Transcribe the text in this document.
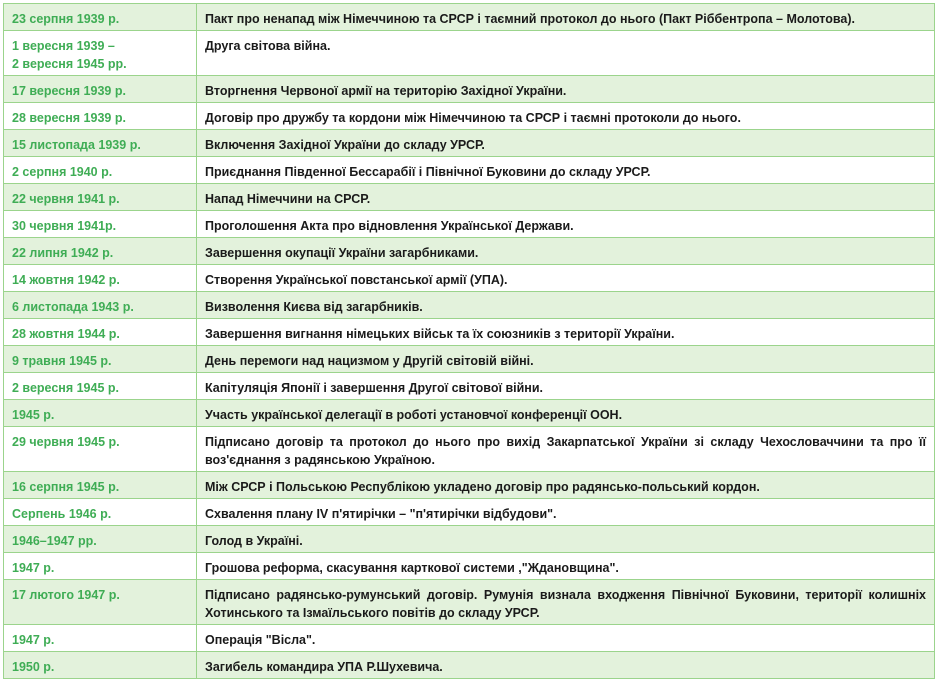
23 серпня 1939 р.	Пакт про ненапад між Німеччиною та СРСР і таємний протокол до нього (Пакт Ріббентропа – Молотова).
1 вересня 1939 –
2 вересня 1945 рр.	Друга світова війна.
17 вересня 1939 р.	Вторгнення Червоної армії на територію Західної України.
28 вересня 1939 р.	Договір про дружбу та кордони між Німеччиною та СРСР і таємні протоколи до нього.
15 листопада 1939 р.	Включення Західної України до складу УРСР.
2 серпня 1940 р.	Приєднання Південної Бессарабії і Північної Буковини до складу УРСР.
22 червня 1941 р.	Напад Німеччини на СРСР.
30 червня 1941р.	Проголошення Акта про відновлення Української Держави.
22 липня 1942 р.	Завершення окупації України загарбниками.
14 жовтня 1942 р.	Створення Української повстанської армії (УПА).
6 листопада 1943 р.	Визволення Києва від загарбників.
28 жовтня 1944 р.	Завершення вигнання німецьких військ та їх союзників з території України.
9 травня 1945 р.	День перемоги над нацизмом у Другій світовій війні.
2 вересня 1945 р.	Капітуляція Японії і завершення Другої світової війни.
1945 р.	Участь української делегації в роботі установчої конференції ООН.
29 червня 1945 р.	Підписано договір та протокол до нього про вихід Закарпатської України зі складу Чехословаччини та про її воз'єднання з радянською Україною.
16 серпня 1945 р.	Між СРСР і Польською Республікою укладено договір про радянсько-польський кордон.
Серпень 1946 р.	Схвалення плану IV п'ятирічки – "п'ятирічки відбудови".
1946–1947 рр.	Голод в Україні.
1947 р.	Грошова реформа, скасування карткової системи ,"Ждановщина".
17 лютого 1947 р.	Підписано радянсько-румунський договір. Румунія визнала входження Північної Буковини, території колишніх Хотинського та Ізмаїльського повітів до складу УРСР.
1947 р.	Операція "Вісла".
1950 р.	Загибель командира УПА Р.Шухевича.
